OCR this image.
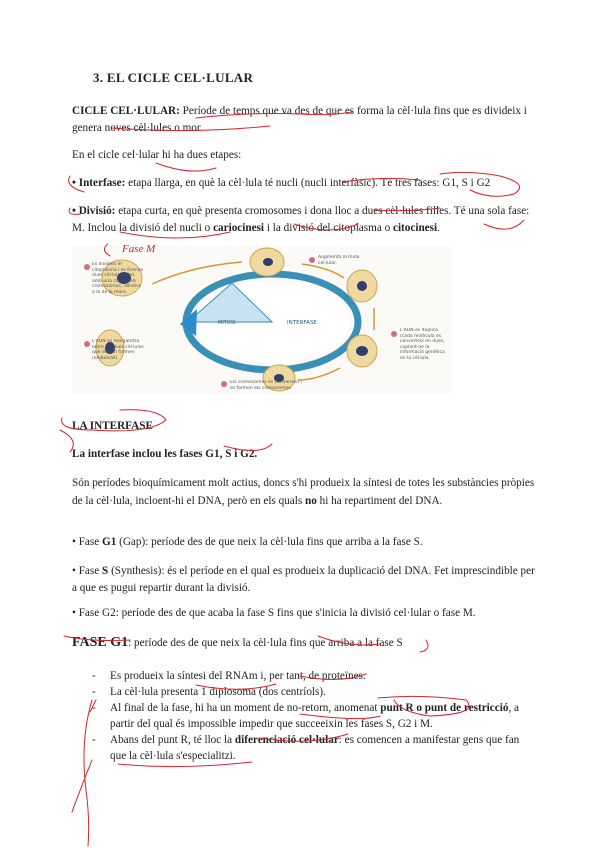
3. EL CICLE CEL·LULAR
CICLE CEL·LULAR: Període de temps que va des de que es forma la cèl·lula fins que es divideix i genera noves cèl·lules o mor.
En el cicle cel·lular hi ha dues etapes:
• Interfase: etapa llarga, en què la cèl·lula té nucli (nucli interfàsic). Té tres fases: G1, S i G2
• Divisió: etapa curta, en què presenta cromosomes i dona lloc a dues cèl·lules filles. Té una sola fase: M. Inclou la divisió del nucli o cariocinesi i la divisió del citoplasma o citocinesi.
MITOSI	INTERFASE
Es divideix el citoplasma i es formen dues cèl·lules filles amb una còpia dels cromosomes, idèntics a la de la mare.
Augmenta la mida cel·lular.
L'ADN es duplica (cada molècula es converteix en dues, copiant-ne la informació genètica en la cèl·lula.
L'ADN es reorganitza entre les dues cèl·lules que deixen formen (embolcall).
Els cromosomes es condensen i es formen els cromosomes.
LA INTERFASE
La interfase inclou les fases G1, S i G2.
Són períodes bioquímicament molt actius, doncs s'hi produeix la síntesi de totes les substàncies pròpies de la cèl·lula, incloent-hi el DNA, però en els quals no hi ha repartiment del DNA.
• Fase G1 (Gap): període des de que neix la cèl·lula fins que arriba a la fase S.
• Fase S (Synthesis): és el període en el qual es produeix la duplicació del DNA. Fet imprescindible per a que es pugui repartir durant la divisió.
• Fase G2: període des de que acaba la fase S fins que s'inicia la divisió cel·lular o fase M.
FASE G1: període des de que neix la cèl·lula fins que arriba a la fase S
- Es produeix la síntesi del RNAm i, per tant, de proteïnes.
- La cèl·lula presenta 1 diplosoma (dos centríols).
- Al final de la fase, hi ha un moment de no-retorn, anomenat punt R o punt de restricció, a partir del qual és impossible impedir que succeeixin les fases S, G2 i M.
- Abans del punt R, té lloc la diferenciació cel·lular: es comencen a manifestar gens que fan que la cèl·lula s'especialitzi.
Fase M
